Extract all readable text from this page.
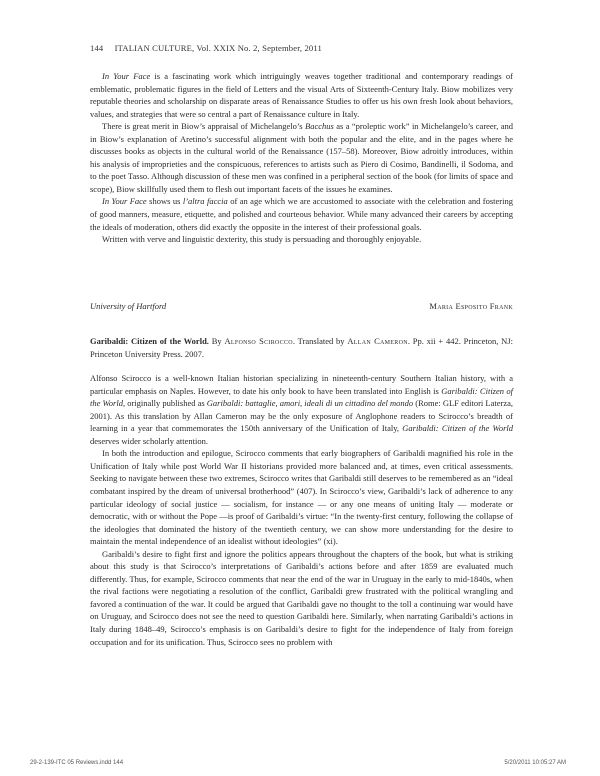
144 ITALIAN CULTURE, Vol. XXIX No. 2, September, 2011

In Your Face is a fascinating work which intriguingly weaves together traditional and contemporary readings of emblematic, problematic figures in the field of Letters and the visual Arts of Sixteenth-Century Italy. Biow mobilizes very reputable theories and scholarship on disparate areas of Renaissance Studies to offer us his own fresh look about behaviors, values, and strategies that were so central a part of Renaissance culture in Italy.

There is great merit in Biow’s appraisal of Michelangelo’s Bacchus as a “proleptic work” in Michelangelo’s career, and in Biow’s explanation of Aretino’s successful alignment with both the popular and the elite, and in the pages where he discusses books as objects in the cultural world of the Renaissance (157–58). Moreover, Biow adroitly introduces, within his analysis of improprieties and the conspicuous, references to artists such as Piero di Cosimo, Bandinelli, il Sodoma, and to the poet Tasso. Although discussion of these men was confined in a peripheral section of the book (for limits of space and scope), Biow skillfully used them to flesh out important facets of the issues he examines.

In Your Face shows us l’altra faccia of an age which we are accustomed to associate with the celebration and fostering of good manners, measure, etiquette, and polished and courteous behavior. While many advanced their careers by accepting the ideals of moderation, others did exactly the opposite in the interest of their professional goals.

Written with verve and linguistic dexterity, this study is persuading and thoroughly enjoyable.

University of Hartford	Maria Esposito Frank

Garibaldi: Citizen of the World. By Alfonso Scirocco. Translated by Allan Cameron. Pp. xii + 442. Princeton, NJ: Princeton University Press. 2007.

Alfonso Scirocco is a well-known Italian historian specializing in nineteenth-century Southern Italian history, with a particular emphasis on Naples. However, to date his only book to have been translated into English is Garibaldi: Citizen of the World, originally published as Garibaldi: battaglie, amori, ideali di un cittadino del mondo (Rome: GLF editori Laterza, 2001). As this translation by Allan Cameron may be the only exposure of Anglophone readers to Scirocco’s breadth of learning in a year that commemorates the 150th anniversary of the Unification of Italy, Garibaldi: Citizen of the World deserves wider scholarly attention.

In both the introduction and epilogue, Scirocco comments that early biographers of Garibaldi magnified his role in the Unification of Italy while post World War II historians provided more balanced and, at times, even critical assessments. Seeking to navigate between these two extremes, Scirocco writes that Garibaldi still deserves to be remembered as an “ideal combatant inspired by the dream of universal brotherhood” (407). In Scirocco’s view, Garibaldi’s lack of adherence to any particular ideology of social justice — socialism, for instance — or any one means of uniting Italy — moderate or democratic, with or without the Pope —is proof of Garibaldi’s virtue: “In the twenty-first century, following the collapse of the ideologies that dominated the history of the twentieth century, we can show more understanding for the desire to maintain the mental independence of an idealist without ideologies” (xi).

Garibaldi’s desire to fight first and ignore the politics appears throughout the chapters of the book, but what is striking about this study is that Scirocco’s interpretations of Garibaldi’s actions before and after 1859 are evaluated much differently. Thus, for example, Scirocco comments that near the end of the war in Uruguay in the early to mid-1840s, when the rival factions were negotiating a resolution of the conflict, Garibaldi grew frustrated with the political wrangling and favored a continuation of the war. It could be argued that Garibaldi gave no thought to the toll a continuing war would have on Uruguay, and Scirocco does not see the need to question Garibaldi here. Similarly, when narrating Garibaldi’s actions in Italy during 1848–49, Scirocco’s emphasis is on Garibaldi’s desire to fight for the independence of Italy from foreign occupation and for its unification. Thus, Scirocco sees no problem with

29-2-139-ITC 05 Reviews.indd 144	5/20/2011 10:05:27 AM
